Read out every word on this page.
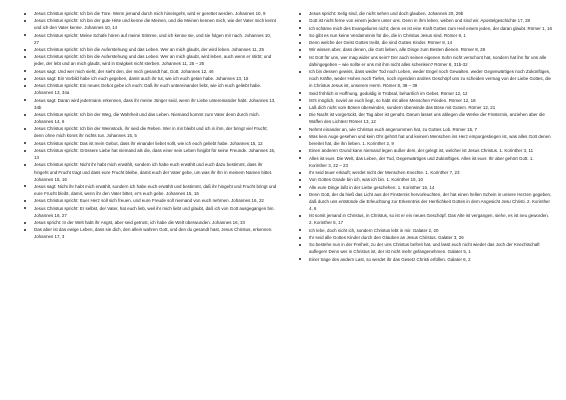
Jesus Christus spricht: Ich bin die Türe. Wenn jemand durch mich hineingeht, wird er gerettet werden. Johannes 10, 9
Jesus Christus spricht: Ich bin der gute Hirte und kenne die Meinen, und die Meinen kennen mich, wie der Vater mich kennt und ich den Vater kenne. Johannes 10, 14
Jesus Christus spricht: Meine Schafe hören auf meine Stimme, und ich kenne sie, und sie folgen mir nach. Johannes 10, 27
Jesus Christus spricht: Ich bin die Auferstehung und das Leben. Wer an mich glaubt, der wird leben. Johannes 11, 25
Jesus Christus spricht: Ich bin die Auferstehung und das Leben. Wer an mich glaubt, wird leben, auch wenn er stirbt; und jeder, der lebt und an mich glaubt, wird in Ewigkeit nicht sterben. Johannes 11, 25 – 26
Jesus sagt: Und wer mich sieht, der sieht den, der mich gesandt hat, Gott. Johannes 12, 46
Jesus sagt: Ein Vorbild habe ich euch gegeben, damit auch ihr tut, wie ich euch getan habe. Johannes 13, 15
Jesus Christus spricht: Ein neues Gebot gebe ich euch: Daß ihr euch untereinander liebt, wie ich euch geliebt habe. Johannes 13, 34a
Jesus sagt: Daran wird jedermann erkennen, dass ihr meine Jünger seid, wenn ihr Liebe untereinander habt. Johannes 13, 34b
Jesus Christus spricht: Ich bin der Weg, die Wahrheit und das Leben. Niemand kommt zum Vater denn durch mich. Johannes 14, 6
Jesus Christus spricht: Ich bin der Weinstock, ihr seid die Reben. Wer in mir bleibt und ich in ihm, der bringt viel Frucht; denn ohne mich könnt ihr nichts tun. Johannes 15, 5
Jesus Christus spricht: Das ist mein Gebot, dass ihr einander liebet sollt, wie ich euch geliebt habe. Johannes 15, 12
Jesus Christus spricht: Grössere Liebe hat niemand als die, dass einer sein Leben hingibt für seine Freunde. Johannes 15, 13
Jesus Christus spricht: Nicht ihr habt mich erwählt, sondern ich habe euch erwählt und euch dazu bestimmt, dass ihr hingeht und Frucht tragt und dass eure Frucht bleibe, damit euch der Vater gebe, um was ihr ihn in meinem Namen bittet. Johannes 15, 16
Jesus sagt: Nicht ihr habt mich erwählt, sondern ich habe euch erwählt und bestimmt, daß ihr hingeht und Frucht bringt und eure Frucht bleibt, damit, wenn ihr den Vater bittet, er's euch gebe. Johannes 15, 16
Jesus Christus spricht: Euer Herz soll sich freuen, und eure Freude soll niemand von euch nehmen. Johannes 16, 22
Jesus Christus spricht: Er selbst, der Vater, hat euch lieb, weil ihr mich liebt und glaubt, daß ich von Gott ausgegangen bin. Johannes 16, 27
Jesus spricht: In der Welt habt ihr Angst, aber seid getrost, ich habe die Welt überwunden. Johannes 16, 33
Das aber ist das ewige Leben, dass sie dich, den allein wahren Gott, und den du gesandt hast, Jesus Christus, erkennen. Johannes 17, 3
Jesus spricht: Selig sind, die nicht sehen und doch glauben. Johannes 20, 29b
Gott ist nicht ferne von einem jedem unter uns. Denn in ihm leben, weben und sind wir. Apostelgeschichte 17, 28
Ich schäme mich des Evangeliums nicht; denn es ist eine Kraft Gottes zum Heil einem jeden, der daran glaubt. Römer 1, 16
So gibt es nun keine Verdammnis für die, die in Christus Jesus sind. Römer 8, 1
Denn welche der Geist Gottes treibt, die sind Gottes Kinder. Römer 8, 14
Wir wissen aber, dass denen, die Gott lieben, alle Dinge zum Besten dienen. Römer 8, 28
Ist Gott für uns, wer mag wider uns sein? Der auch seinen eigenen Sohn nicht verschont hat, sondern hat ihn für uns alle dahingegeben – wie sollte er uns mit ihm nicht alles schenken? Römer 8, 31b-32
Ich bin dessen gewiss, dass weder Tod noch Leben, weder Engel noch Gewalten, weder Gegenwärtiges noch Zukünftiges, noch Kräfte, weder Hohes noch Tiefes, noch irgendein andres Geschöpf uns zu scheiden vermag von der Liebe Gottes, die in Christus Jesus ist, unserem Herrn. Römer 8, 38 – 39
Seid fröhlich in Hoffnung, geduldig in Trübsal, beharrlich im Gebet. Römer 12, 12
Ist's möglich, soviel an euch liegt, so habt mit allen Menschen Frieden. Römer 12, 18
Laß dich nicht vom Bösen überwinden, sondern überwinde das Böse mit Gutem. Römer 12, 21
Die Nacht ist vorgerückt, der Tag aber ist genaht. Darum lasset uns ablegen die Werke der Finsternis, anziehen aber die Waffen des Lichtes! Römer 13, 12
Nehmt einander an, wie Christus euch angenommen hat, zu Gottes Lob. Römer 15, 7
Was kein Auge gesehen und kein Ohr gehört hat und keinem Menschen ins Herz emporgestiegen ist, was alles Gott denen bereitet hat, die ihn lieben. 1. Korinther 2, 9
Einen anderen Grund kann niemand legen außer dem, der gelegt ist, welcher ist Jesus Christus. 1. Korinther 3, 11
Alles ist euer. Die Welt, das Leben, der Tod, Gegenwärtiges und Zukünftiges. Alles ist euer. Ihr aber gehört Gott. 1. Korinther 3, 22 – 23
Ihr seid teuer erkauft; werdet nicht der Menschen Knechte. 1. Korinther 7, 23
Von Gottes Gnade bin ich, was ich bin. 1. Korinther 15, 10
Alle eure Dinge laßt in der Liebe geschehen. 1. Korinther 16, 14
Denn Gott, der da hieß das Licht aus der Finsternis hervorleuchten, der hat einen hellen Schein in unsere Herzen gegeben, daß durch uns entstünde die Erleuchtung zur Erkenntnis der Herrlichkeit Gottes in dem Angesicht Jesu Christi. 2. Korinther 4, 6
Ist somit jemand in Christus, in Christus, so ist er ein neues Geschöpf. Das Alte ist vergangen, siehe, es ist neu geworden. 2. Korinther 5, 17
Ich lebe, doch nicht ich, sondern Christus lebt in mir. Galater 2, 20
Ihr seid alle Gottes Kinder durch den Glauben an Jesus Christus. Galater 3, 26
So bestehe nun in der Freiheit, zu der uns Christus befreit hat, und lasst euch nicht wieder das Joch der Knechtschaft auflegen! Denn wer in Christus ist, der ist nicht mehr gefangenehmen. Galater 5, 1
Einer trage des andern Last, so werdet ihr das Gesetz Christi erfüllen. Galater 6, 2
